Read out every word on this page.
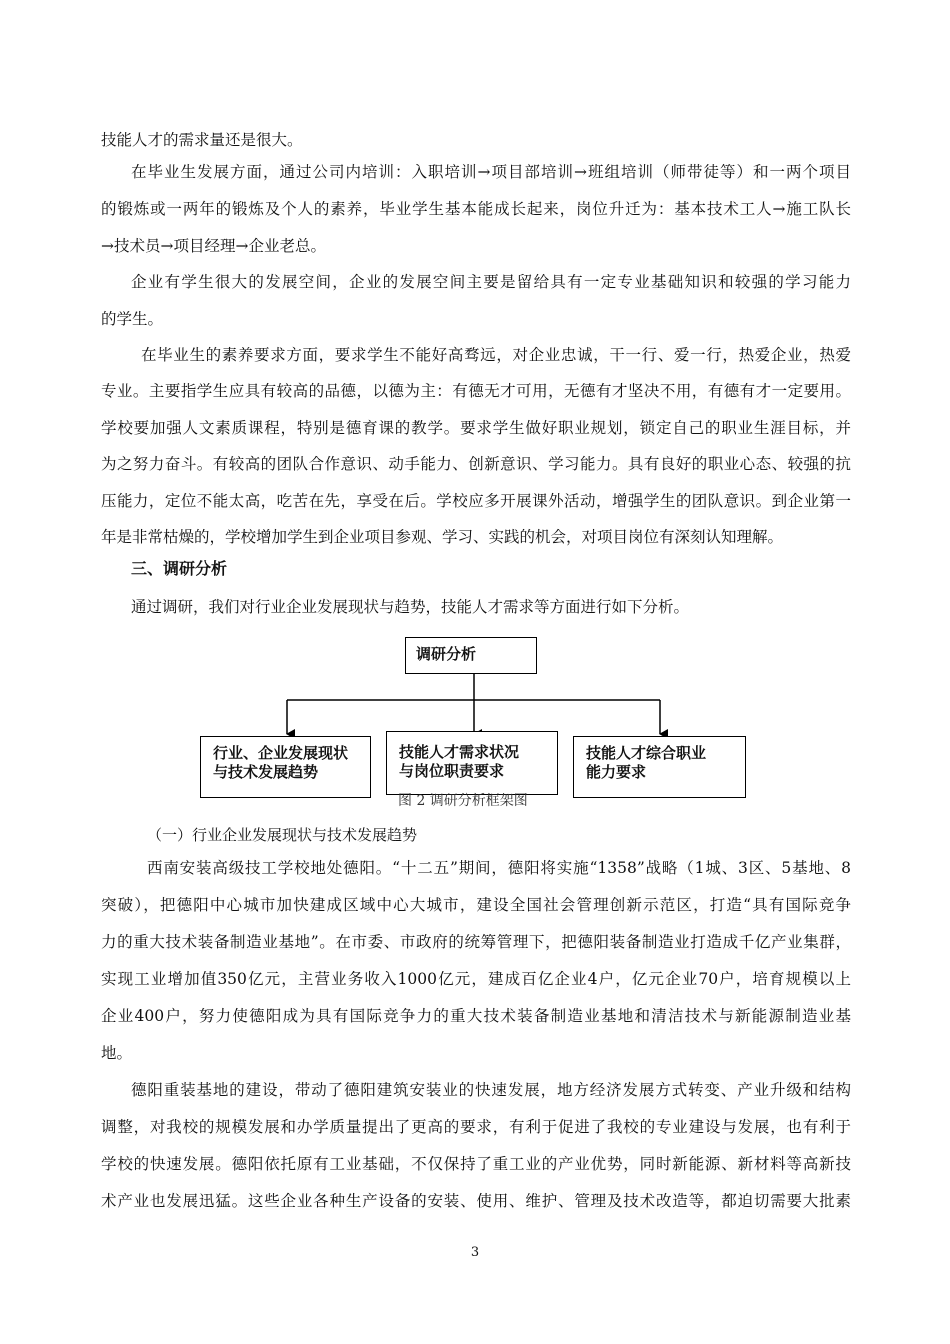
技能人才的需求量还是很大。
在毕业生发展方面，通过公司内培训：入职培训→项目部培训→班组培训（师带徒等）和一两个项目
的锻炼或一两年的锻炼及个人的素养，毕业学生基本能成长起来，岗位升迁为：基本技术工人→施工队长
→技术员→项目经理→企业老总。
企业有学生很大的发展空间，企业的发展空间主要是留给具有一定专业基础知识和较强的学习能力
的学生。
在毕业生的素养要求方面，要求学生不能好高骛远，对企业忠诚，干一行、爱一行，热爱企业，热爱
专业。主要指学生应具有较高的品德，以德为主：有德无才可用，无德有才坚决不用，有德有才一定要用。
学校要加强人文素质课程，特别是德育课的教学。要求学生做好职业规划，锁定自己的职业生涯目标，并
为之努力奋斗。有较高的团队合作意识、动手能力、创新意识、学习能力。具有良好的职业心态、较强的抗
压能力，定位不能太高，吃苦在先，享受在后。学校应多开展课外活动，增强学生的团队意识。到企业第一
年是非常枯燥的，学校增加学生到企业项目参观、学习、实践的机会，对项目岗位有深刻认知理解。
三、调研分析
通过调研，我们对行业企业发展现状与趋势，技能人才需求等方面进行如下分析。
调研分析
行业、企业发展现状
与技术发展趋势
技能人才需求状况
与岗位职责要求
技能人才综合职业
能力要求
图 2 调研分析框架图
（一）行业企业发展现状与技术发展趋势
西南安装高级技工学校地处德阳。“十二五”期间，德阳将实施“1358”战略（1城、3区、5基地、8
突破），把德阳中心城市加快建成区域中心大城市，建设全国社会管理创新示范区，打造“具有国际竞争
力的重大技术装备制造业基地”。在市委、市政府的统筹管理下，把德阳装备制造业打造成千亿产业集群，
实现工业增加值350亿元，主营业务收入1000亿元，建成百亿企业4户，亿元企业70户，培育规模以上
企业400户，努力使德阳成为具有国际竞争力的重大技术装备制造业基地和清洁技术与新能源制造业基
地。
德阳重装基地的建设，带动了德阳建筑安装业的快速发展，地方经济发展方式转变、产业升级和结构
调整，对我校的规模发展和办学质量提出了更高的要求，有利于促进了我校的专业建设与发展，也有利于
学校的快速发展。德阳依托原有工业基础，不仅保持了重工业的产业优势，同时新能源、新材料等高新技
术产业也发展迅猛。这些企业各种生产设备的安装、使用、维护、管理及技术改造等，都迫切需要大批素
3
